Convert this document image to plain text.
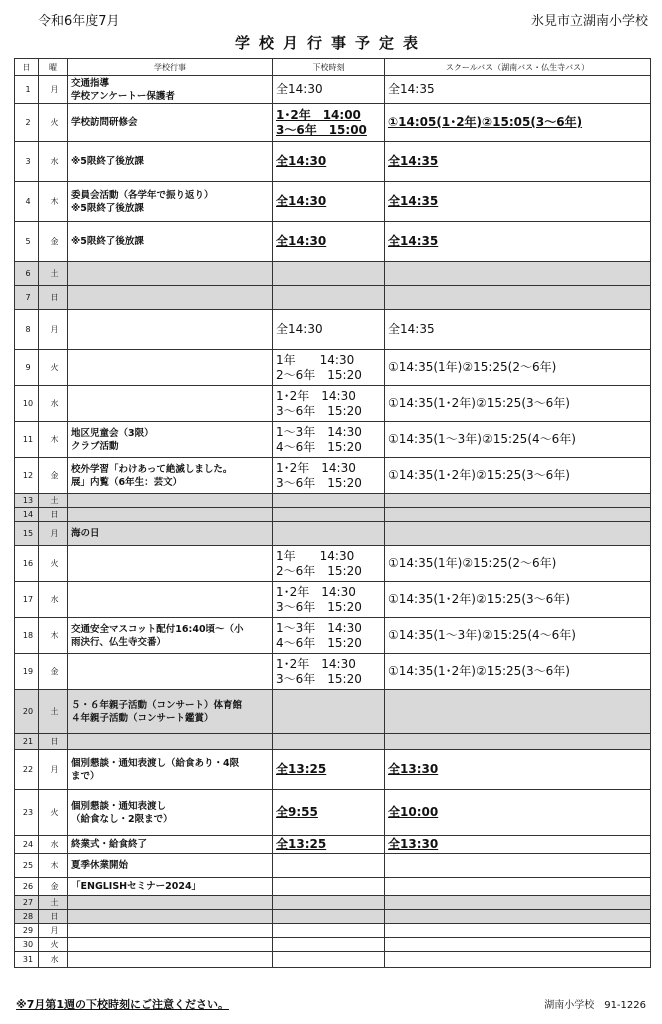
令和6年度7月	氷見市立湖南小学校
学校月行事予定表
日	曜	学校行事	下校時刻	スクールバス（湖南バス・仏生寺バス）
1	月	交通指導
学校アンケートー保護者	全14:30	全14:35
2	火	学校訪問研修会	1･2年　14:00
3～6年　15:00	①14:05(1･2年)②15:05(3～6年)
3	水	※5限終了後放課	全14:30	全14:35
4	木	委員会活動（各学年で振り返り）
※5限終了後放課	全14:30	全14:35
5	金	※5限終了後放課	全14:30	全14:35
6	土			
7	日			
8	月		全14:30	全14:35
9	火		1年　　14:30
2～6年　15:20	①14:35(1年)②15:25(2～6年)
10	水		1･2年　14:30
3～6年　15:20	①14:35(1･2年)②15:25(3～6年)
11	木	地区児童会（3限）
クラブ活動	1～3年　14:30
4～6年　15:20	①14:35(1～3年)②15:25(4～6年)
12	金	校外学習「わけあって絶滅しました。
展」内覧（6年生：芸文）	1･2年　14:30
3～6年　15:20	①14:35(1･2年)②15:25(3～6年)
13	土			
14	日			
15	月	海の日		
16	火		1年　　14:30
2～6年　15:20	①14:35(1年)②15:25(2～6年)
17	水		1･2年　14:30
3～6年　15:20	①14:35(1･2年)②15:25(3～6年)
18	木	交通安全マスコット配付16:40頃～（小
雨決行、仏生寺交番）	1～3年　14:30
4～6年　15:20	①14:35(1～3年)②15:25(4～6年)
19	金		1･2年　14:30
3～6年　15:20	①14:35(1･2年)②15:25(3～6年)
20	土	５・６年親子活動（コンサート）体育館
４年親子活動（コンサート鑑賞）		
21	日			
22	月	個別懇談・通知表渡し（給食あり・4限
まで）	全13:25	全13:30
23	火	個別懇談・通知表渡し
（給食なし・2限まで）	全9:55	全10:00
24	水	終業式・給食終了	全13:25	全13:30
25	木	夏季休業開始		
26	金	「ENGLISHセミナー2024」		
27	土			
28	日			
29	月			
30	火			
31	水			
※7月第1週の下校時刻にご注意ください。	湖南小学校　91-1226
